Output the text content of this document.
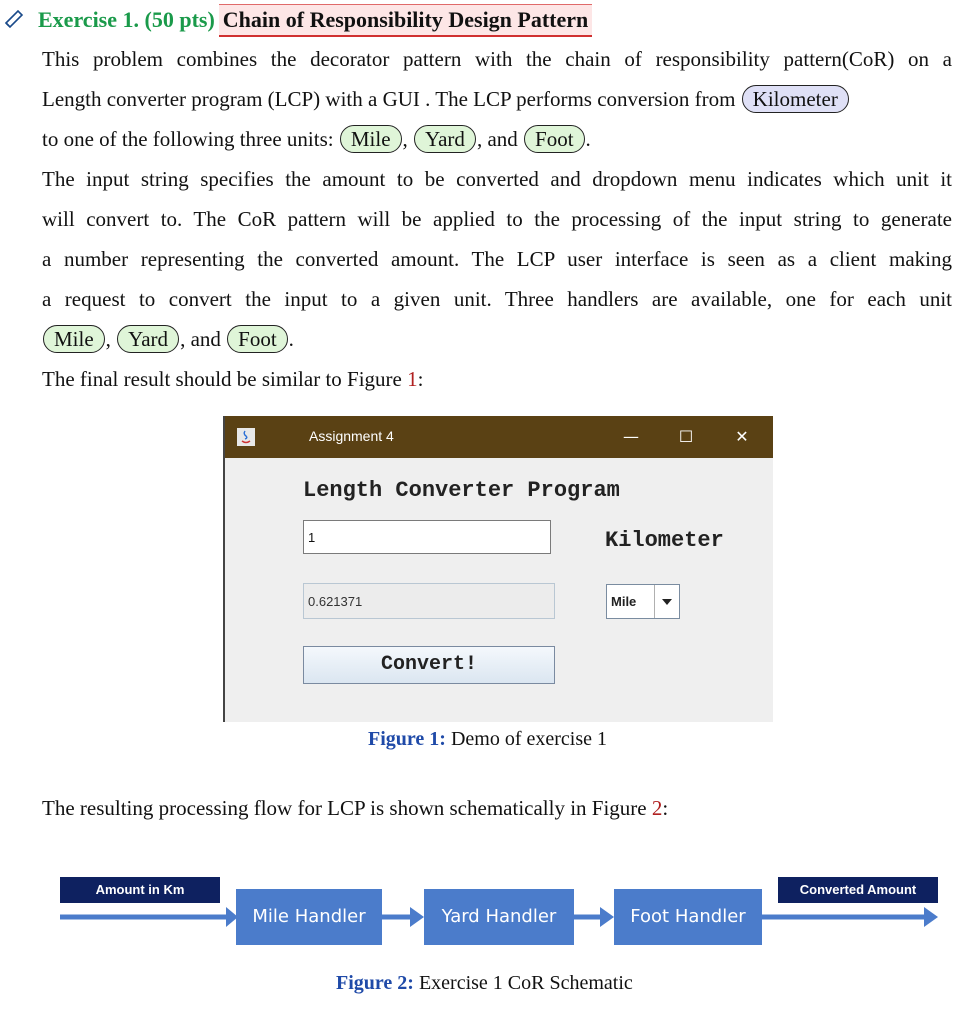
Exercise 1. (50 pts) Chain of Responsibility Design Pattern
This problem combines the decorator pattern with the chain of responsibility pattern(CoR) on a
Length converter program (LCP) with a GUI . The LCP performs conversion from Kilometer
to one of the following three units: Mile , Yard , and Foot .
The input string specifies the amount to be converted and dropdown menu indicates which unit it
will convert to. The CoR pattern will be applied to the processing of the input string to generate
a number representing the converted amount. The LCP user interface is seen as a client making
a request to convert the input to a given unit. Three handlers are available, one for each unit
Mile , Yard , and Foot .
The final result should be similar to Figure 1:
Assignment 4	—	☐	✕
Length Converter Program
1	Kilometer
0.621371	Mile
Convert!
Figure 1: Demo of exercise 1
The resulting processing flow for LCP is shown schematically in Figure 2:
Amount in Km	Converted Amount
Mile Handler	Yard Handler	Foot Handler
Figure 2: Exercise 1 CoR Schematic
